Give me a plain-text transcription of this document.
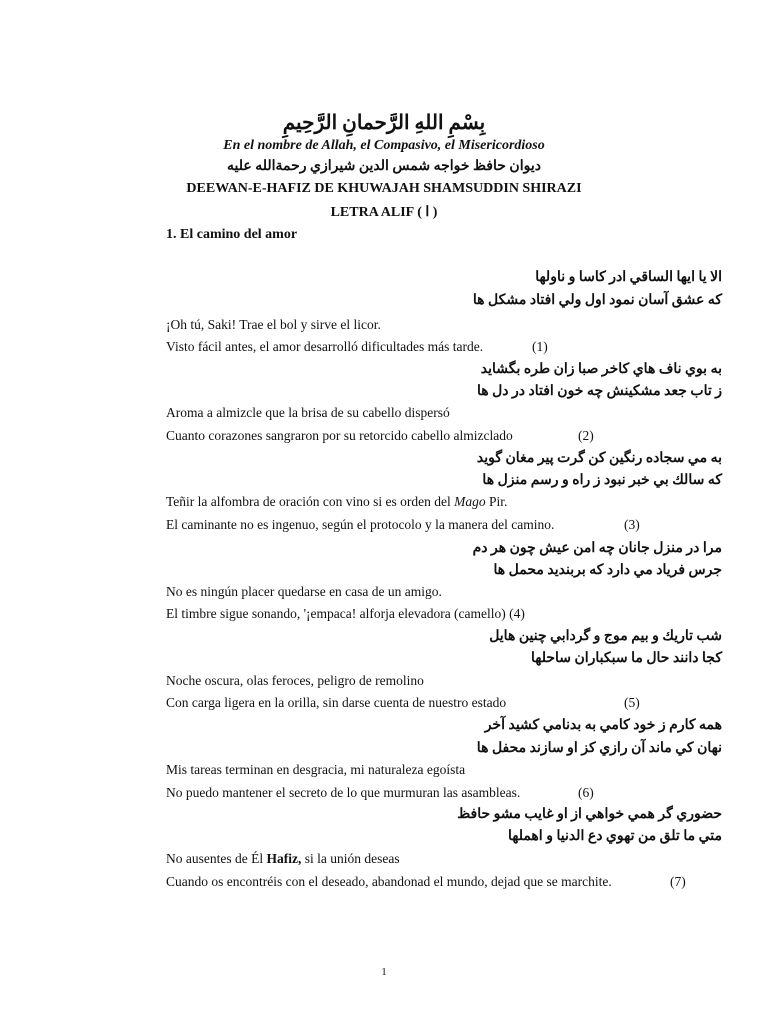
بِسْمِ اللهِ الرَّحمانِ الرَّحِيمِ
En el nombre de Allah, el Compasivo, el Misericordioso
ديوان حافظ خواجه شمس الدين شيرازي رحمةالله عليه
DEEWAN-E-HAFIZ DE KHUWAJAH SHAMSUDDIN SHIRAZI
LETRA ALIF ( ا )
1. El camino del amor
الا يا ايها الساقي ادر كاسا و ناولها
كه عشق آسان نمود اول ولي افتاد مشكل ها
¡Oh tú, Saki! Trae el bol y sirve el licor.
Visto fácil antes, el amor desarrolló dificultades más tarde.	(1)
به بوي ناف هاي كاخر صبا زان طره بگشايد
ز تاب جعد مشكينش چه خون افتاد در دل ها
Aroma a almizcle que la brisa de su cabello dispersó
Cuanto corazones sangraron por su retorcido cabello almizclado	(2)
به مي سجاده رنگين كن گرت پير مغان گويد
كه سالك بي خبر نبود ز راه و رسم منزل ها
Teñir la alfombra de oración con vino si es orden del Mago Pir.
El caminante no es ingenuo, según el protocolo y la manera del camino.	(3)
مرا در منزل جانان چه امن عيش چون هر دم
جرس فرياد مي دارد كه بربنديد محمل ها
No es ningún placer quedarse en casa de un amigo.
El timbre sigue sonando, '¡empaca! alforja elevadora (camello) (4)
شب تاريك و بيم موج و گردابي چنين هايل
كجا دانند حال ما سبكباران ساحلها
Noche oscura, olas feroces, peligro de remolino
Con carga ligera en la orilla, sin darse cuenta de nuestro estado	(5)
همه كارم ز خود كامي به بدنامي كشيد آخر
نهان كي ماند آن رازي كز او سازند محفل ها
Mis tareas terminan en desgracia, mi naturaleza egoísta
No puedo mantener el secreto de lo que murmuran las asambleas.	(6)
حضوري گر همي خواهي از او غايب مشو حافظ
متي ما تلق من تهوي دع الدنيا و اهملها
No ausentes de Él Hafiz, si la unión deseas
Cuando os encontréis con el deseado, abandonad el mundo, dejad que se marchite.	(7)
1
